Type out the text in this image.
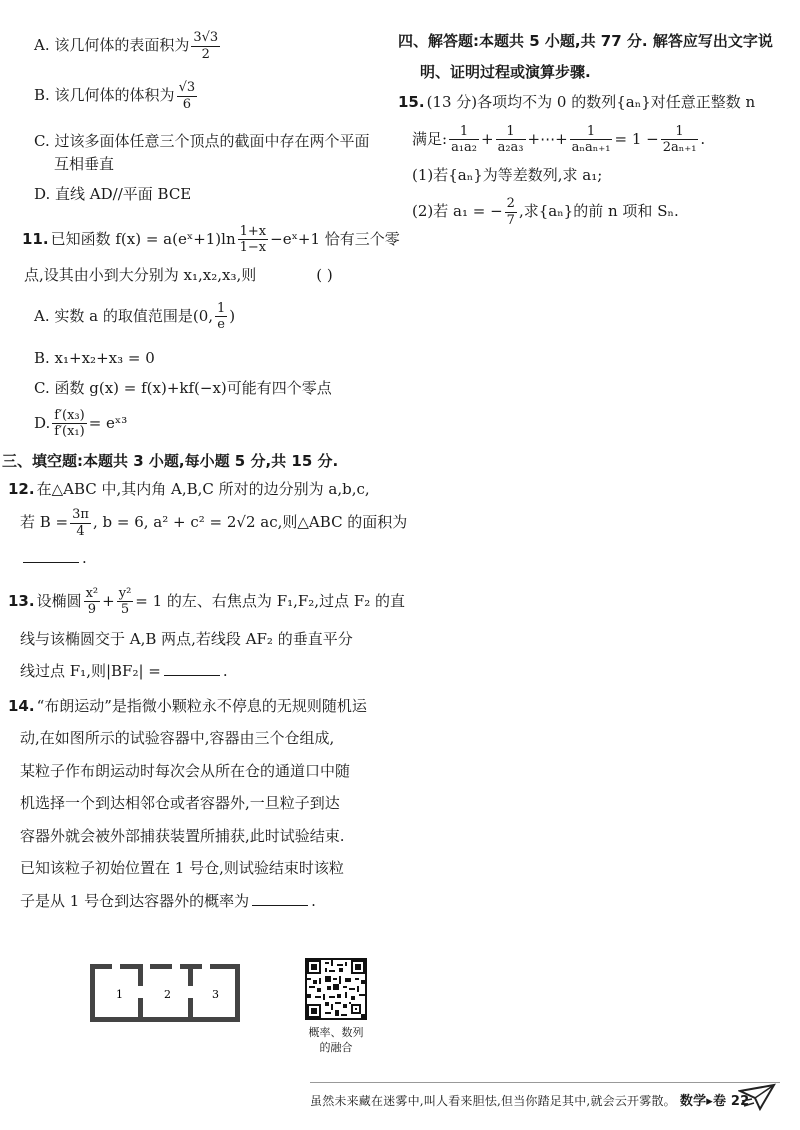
A. 该几何体的表面积为 $\frac{3√3}{2}$
B. 该几何体的体积为 $\frac{√3}{6}$
C. 过该多面体任意三个顶点的截面中存在两个平面
互相垂直
D. 直线 AD//平面 BCE
11. 已知函数 f(x) = a(eˣ+1)ln $\frac{1+x}{1-x}$ −eˣ+1 恰有三个零
点,设其由小到大分别为 x₁,x₂,x₃,则	( )
A. 实数 a 的取值范围是(0, $\frac{1}{e}$ )
B. x₁+x₂+x₃ = 0
C. 函数 g(x) = f(x)+kf(−x)可能有四个零点
D. $\frac{\text{f′(x₃)}}{\text{f′(x₁)}}$ = eˣ³
三、填空题:本题共 3 小题,每小题 5 分,共 15 分.
12. 在△ABC 中,其内角 A,B,C 所对的边分别为 a,b,c,
若 $B = \frac{3\pi}{4}$ , b = 6, a² + c² = 2√2 ac,则△ABC 的面积为
.
13. 设椭圆 $\frac{\text{x²}}{9} + \frac{\text{y²}}{5} = 1$ 的左、右焦点为 F₁,F₂,过点 F₂ 的直
线与该椭圆交于 A,B 两点,若线段 AF₂ 的垂直平分
线过点 F₁,则|BF₂| =	.
14. “布朗运动”是指微小颗粒永不停息的无规则随机运
动,在如图所示的试验容器中,容器由三个仓组成,
某粒子作布朗运动时每次会从所在仓的通道口中随
机选择一个到达相邻仓或者容器外,一旦粒子到达
容器外就会被外部捕获装置所捕获,此时试验结束.
已知该粒子初始位置在 1 号仓,则试验结束时该粒
子是从 1 号仓到达容器外的概率为	.
1	2	3
概率、数列
的融合
四、解答题:本题共 5 小题,共 77 分. 解答应写出文字说
明、证明过程或演算步骤.
15. (13 分)各项均不为 0 的数列{aₙ}对任意正整数 n
满足: $\frac{1}{\text{a₁a₂}} + \frac{1}{\text{a₂a₃}}$ +⋯+ $\frac{1}{\text{aₙaₙ₊₁}} = 1 - \frac{1}{\text{2aₙ₊₁}}$ .
(1)若{aₙ}为等差数列,求 a₁;
(2)若 a₁ = − $\frac{2}{7}$ ,求{aₙ}的前 n 项和 Sₙ.
虽然未来藏在迷雾中,叫人看来胆怯,但当你踏足其中,就会云开雾散。 数学▸卷 22
